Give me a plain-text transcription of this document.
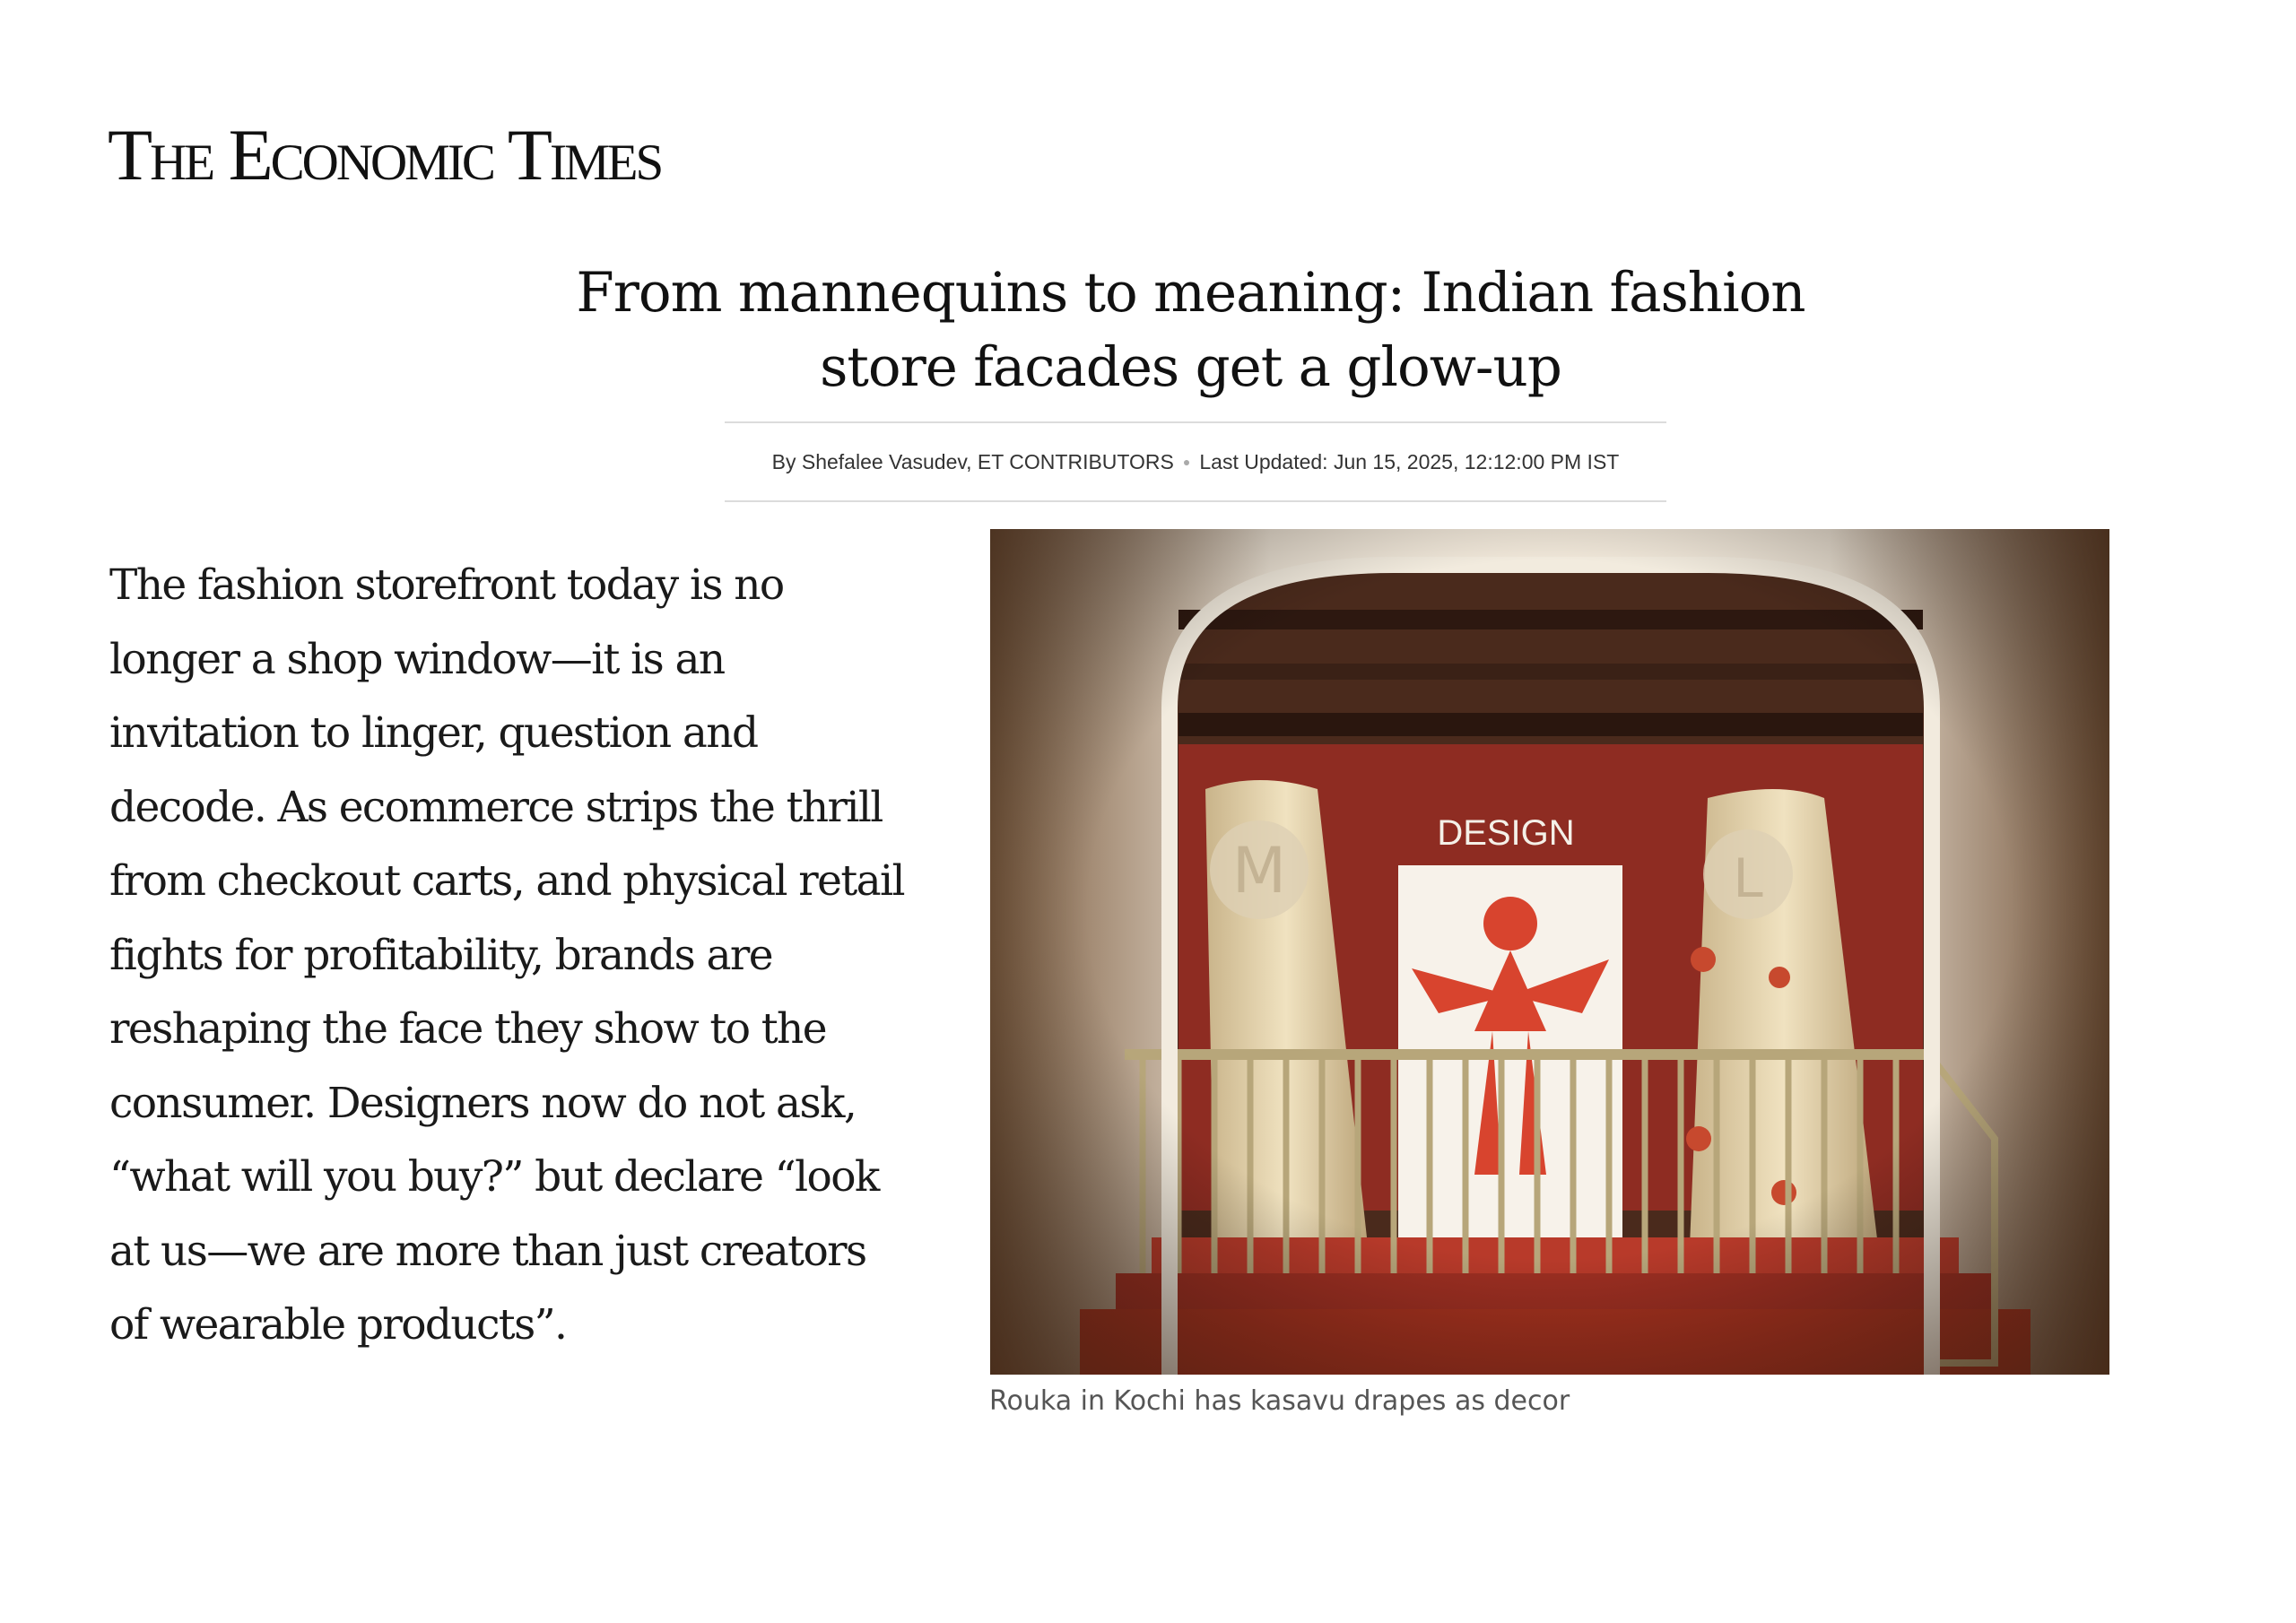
The Economic Times
From mannequins to meaning: Indian fashion
store facades get a glow-up
By Shefalee Vasudev, ET CONTRIBUTORS ● Last Updated: Jun 15, 2025, 12:12:00 PM IST

The fashion storefront today is no
longer a shop window—it is an
invitation to linger, question and
decode. As ecommerce strips the thrill
from checkout carts, and physical retail
fights for profitability, brands are
reshaping the face they show to the
consumer. Designers now do not ask,
“what will you buy?” but declare “look
at us—we are more than just creators
of wearable products”.

Rouka in Kochi has kasavu drapes as decor
